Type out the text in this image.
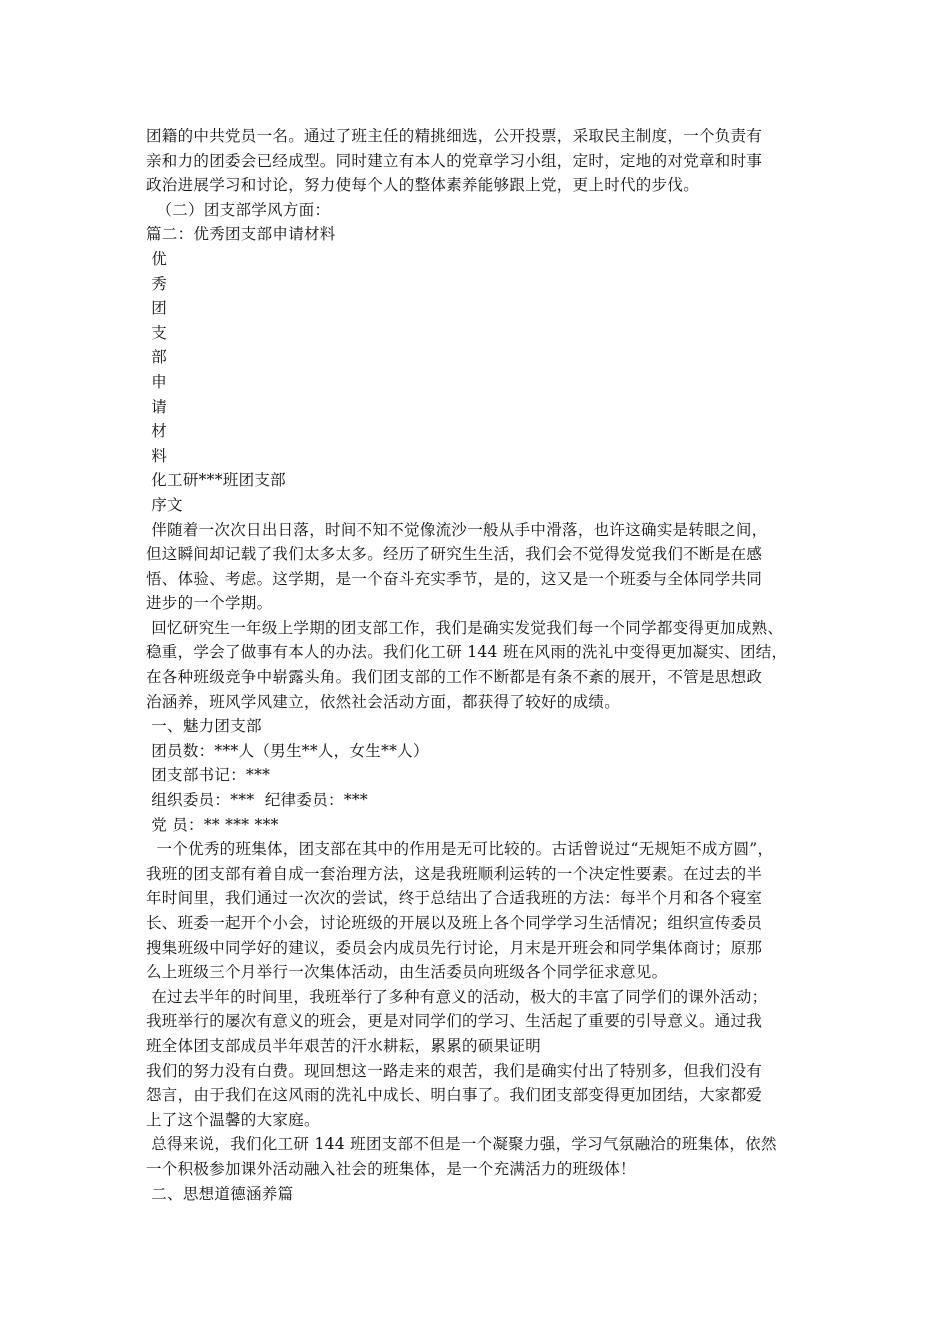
团籍的中共党员一名。通过了班主任的精挑细选，公开投票，采取民主制度，一个负责有
亲和力的团委会已经成型。同时建立有本人的党章学习小组，定时，定地的对党章和时事
政治进展学习和讨论，努力使每个人的整体素养能够跟上党，更上时代的步伐。
（二）团支部学风方面：
篇二：优秀团支部申请材料
优
秀
团
支
部
申
请
材
料
化工研***班团支部
序文
伴随着一次次日出日落，时间不知不觉像流沙一般从手中滑落，也许这确实是转眼之间，
但这瞬间却记载了我们太多太多。经历了研究生生活，我们会不觉得发觉我们不断是在感
悟、体验、考虑。这学期，是一个奋斗充实季节，是的，这又是一个班委与全体同学共同
进步的一个学期。
回忆研究生一年级上学期的团支部工作，我们是确实发觉我们每一个同学都变得更加成熟、
稳重，学会了做事有本人的办法。我们化工研 144 班在风雨的洗礼中变得更加凝实、团结，
在各种班级竞争中崭露头角。我们团支部的工作不断都是有条不紊的展开，不管是思想政
治涵养，班风学风建立，依然社会活动方面，都获得了较好的成绩。
一、魅力团支部
团员数：***人（男生**人，女生**人）
团支部书记：***
组织委员：***  纪律委员：***
党 员：** *** ***
一个优秀的班集体，团支部在其中的作用是无可比较的。古话曾说过“无规矩不成方圆”，
我班的团支部有着自成一套治理方法，这是我班顺利运转的一个决定性要素。在过去的半
年时间里，我们通过一次次的尝试，终于总结出了合适我班的方法：每半个月和各个寝室
长、班委一起开个小会，讨论班级的开展以及班上各个同学学习生活情况；组织宣传委员
搜集班级中同学好的建议，委员会内成员先行讨论，月末是开班会和同学集体商讨；原那
么上班级三个月举行一次集体活动，由生活委员向班级各个同学征求意见。
在过去半年的时间里，我班举行了多种有意义的活动，极大的丰富了同学们的课外活动；
我班举行的屡次有意义的班会，更是对同学们的学习、生活起了重要的引导意义。通过我
班全体团支部成员半年艰苦的汗水耕耘，累累的硕果证明
我们的努力没有白费。现回想这一路走来的艰苦，我们是确实付出了特别多，但我们没有
怨言，由于我们在这风雨的洗礼中成长、明白事了。我们团支部变得更加团结，大家都爱
上了这个温馨的大家庭。
总得来说，我们化工研 144 班团支部不但是一个凝聚力强，学习气氛融洽的班集体，依然
一个积极参加课外活动融入社会的班集体，是一个充满活力的班级体！
二、思想道德涵养篇
